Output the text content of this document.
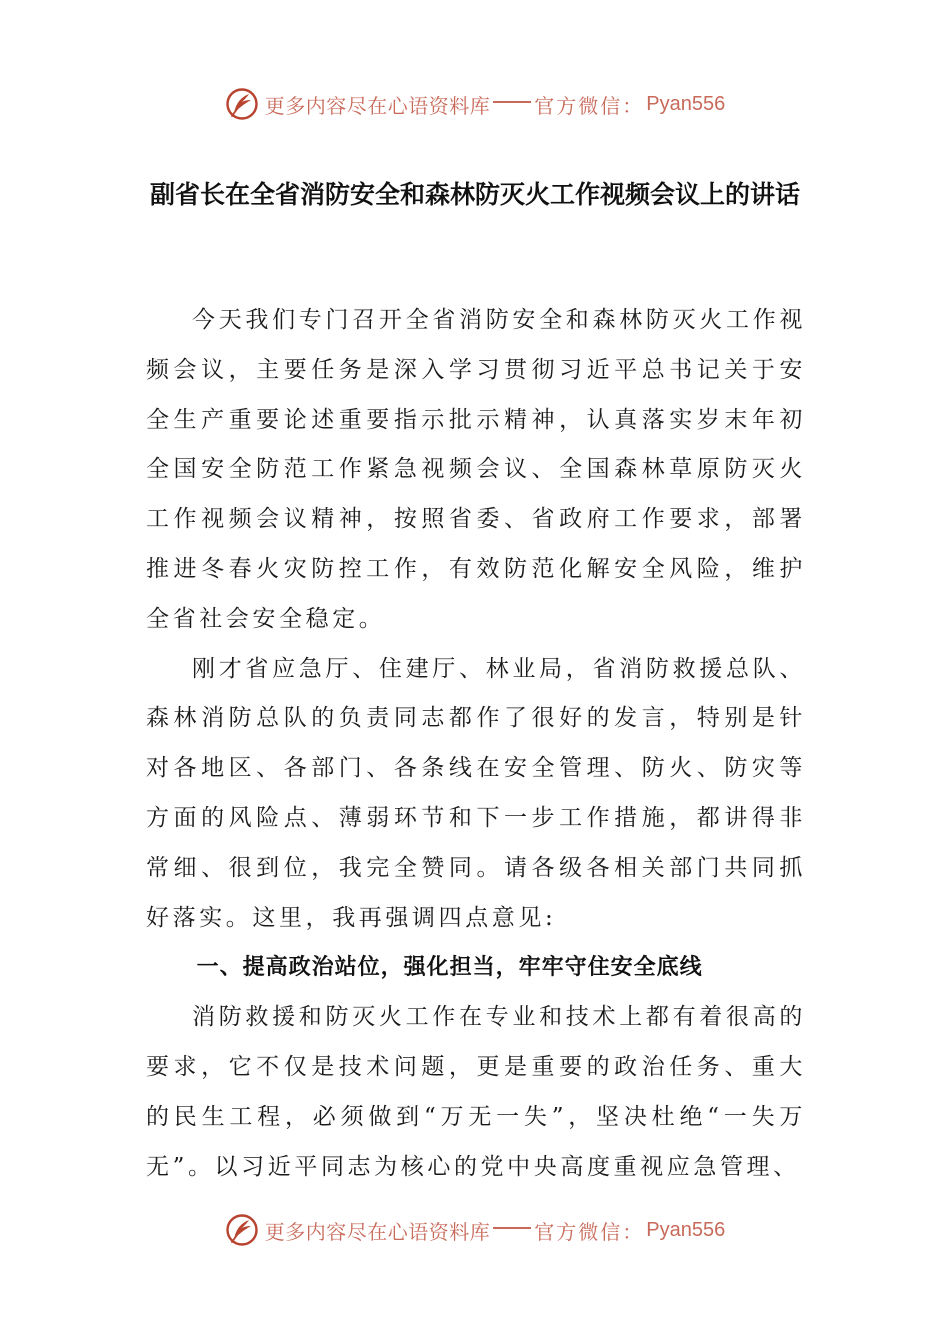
更多内容尽在心语资料库 官方微信： Pyan556
副省长在全省消防安全和森林防灭火工作视频会议上的讲话

今天我们专门召开全省消防安全和森林防灭火工作视频会议，主要任务是深入学习贯彻习近平总书记关于安全生产重要论述重要指示批示精神，认真落实岁末年初全国安全防范工作紧急视频会议、全国森林草原防灭火工作视频会议精神，按照省委、省政府工作要求，部署推进冬春火灾防控工作，有效防范化解安全风险，维护全省社会安全稳定。

刚才省应急厅、住建厅、林业局，省消防救援总队、森林消防总队的负责同志都作了很好的发言，特别是针对各地区、各部门、各条线在安全管理、防火、防灾等方面的风险点、薄弱环节和下一步工作措施，都讲得非常细、很到位，我完全赞同。请各级各相关部门共同抓好落实。这里，我再强调四点意见:

一、提高政治站位，强化担当，牢牢守住安全底线

消防救援和防灭火工作在专业和技术上都有着很高的要求，它不仅是技术问题，更是重要的政治任务、重大的民生工程，必须做到“万无一失”，坚决杜绝“一失万无”。以习近平同志为核心的党中央高度重视应急管理、

更多内容尽在心语资料库 官方微信： Pyan556
